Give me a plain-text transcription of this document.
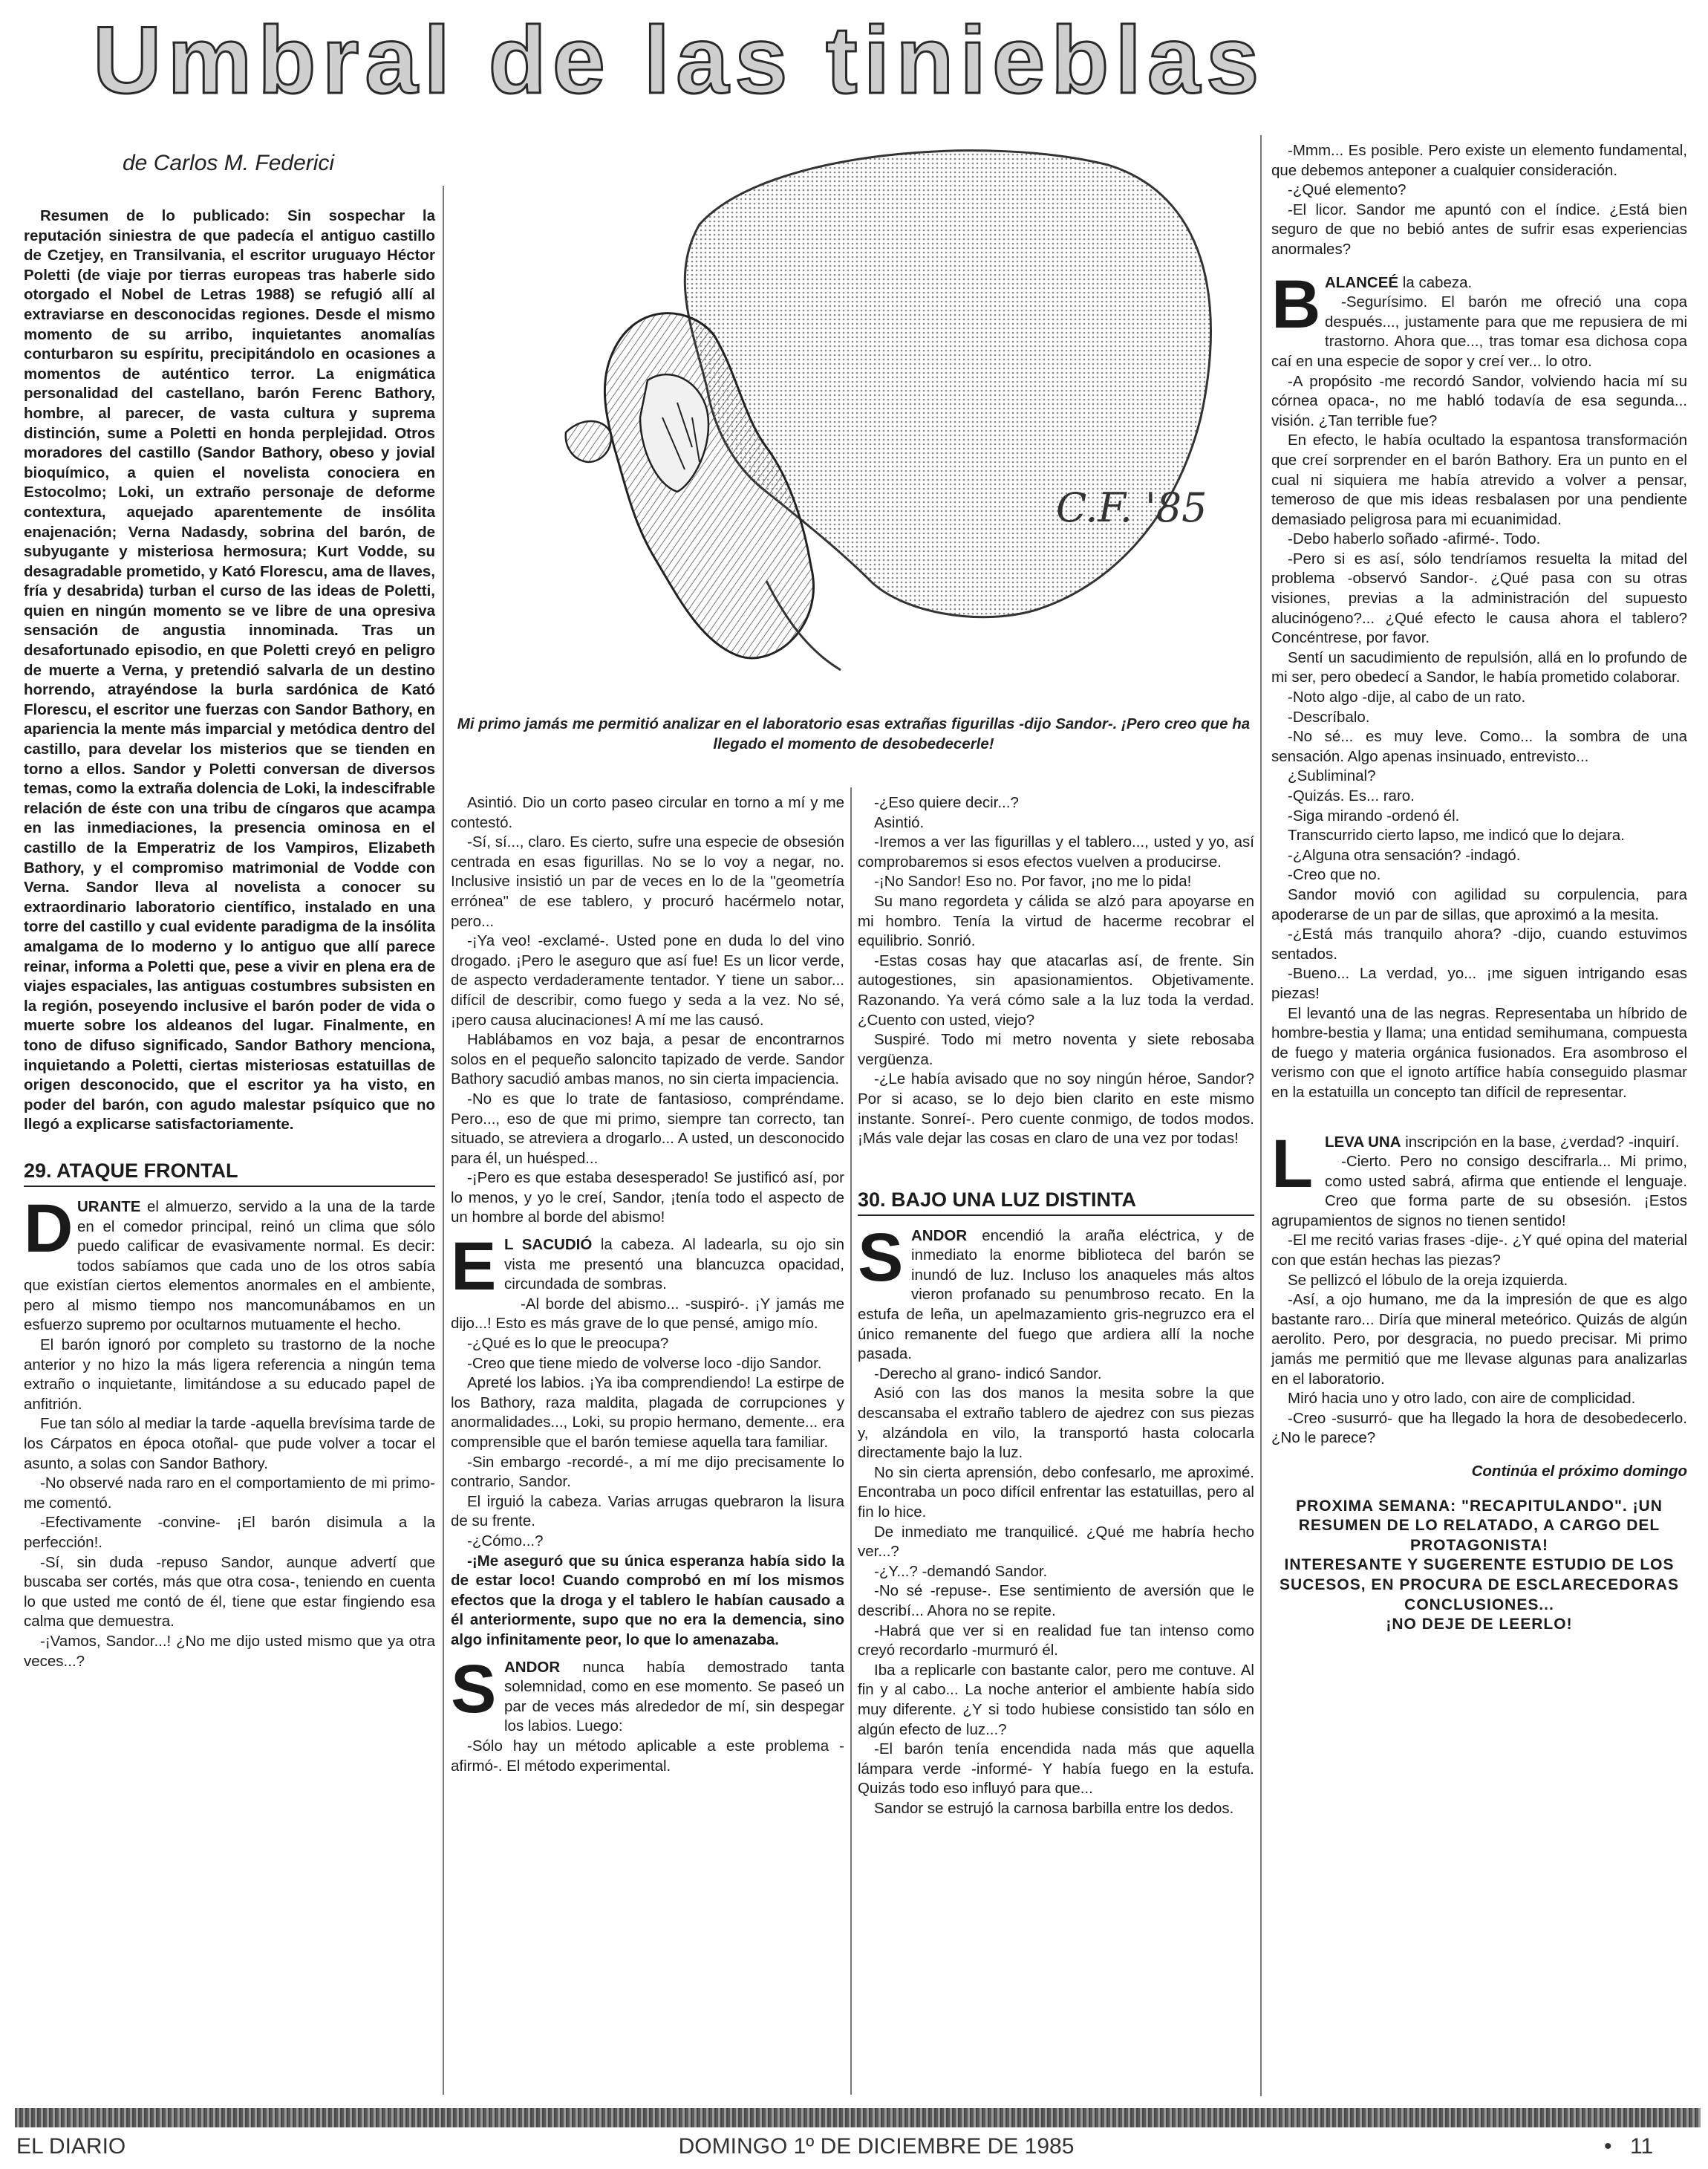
Umbral de las tinieblas
de Carlos M. Federici
C.F. '85
Mi primo jamás me permitió analizar en el laboratorio esas extrañas figurillas -dijo Sandor-. ¡Pero creo que ha llegado el momento de desobedecerle!

Resumen de lo publicado: Sin sospechar la reputación siniestra de que padecía el antiguo castillo de Czetjey, en Transilvania, el escritor uruguayo Héctor Poletti (de viaje por tierras europeas tras haberle sido otorgado el Nobel de Letras 1988) se refugió allí al extraviarse en desconocidas regiones. Desde el mismo momento de su arribo, inquietantes anomalías conturbaron su espíritu, precipitándolo en ocasiones a momentos de auténtico terror. La enigmática personalidad del castellano, barón Ferenc Bathory, hombre, al parecer, de vasta cultura y suprema distinción, sume a Poletti en honda perplejidad. Otros moradores del castillo (Sandor Bathory, obeso y jovial bioquímico, a quien el novelista conociera en Estocolmo; Loki, un extraño personaje de deforme contextura, aquejado aparentemente de insólita enajenación; Verna Nadasdy, sobrina del barón, de subyugante y misteriosa hermosura; Kurt Vodde, su desagradable prometido, y Kató Florescu, ama de llaves, fría y desabrida) turban el curso de las ideas de Poletti, quien en ningún momento se ve libre de una opresiva sensación de angustia innominada. Tras un desafortunado episodio, en que Poletti creyó en peligro de muerte a Verna, y pretendió salvarla de un destino horrendo, atrayéndose la burla sardónica de Kató Florescu, el escritor une fuerzas con Sandor Bathory, en apariencia la mente más imparcial y metódica dentro del castillo, para develar los misterios que se tienden en torno a ellos. Sandor y Poletti conversan de diversos temas, como la extraña dolencia de Loki, la indescifrable relación de éste con una tribu de cíngaros que acampa en las inmediaciones, la presencia ominosa en el castillo de la Emperatriz de los Vampiros, Elizabeth Bathory, y el compromiso matrimonial de Vodde con Verna. Sandor lleva al novelista a conocer su extraordinario laboratorio científico, instalado en una torre del castillo y cual evidente paradigma de la insólita amalgama de lo moderno y lo antiguo que allí parece reinar, informa a Poletti que, pese a vivir en plena era de viajes espaciales, las antiguas costumbres subsisten en la región, poseyendo inclusive el barón poder de vida o muerte sobre los aldeanos del lugar. Finalmente, en tono de difuso significado, Sandor Bathory menciona, inquietando a Poletti, ciertas misteriosas estatuillas de origen desconocido, que el escritor ya ha visto, en poder del barón, con agudo malestar psíquico que no llegó a explicarse satisfactoriamente.

29. ATAQUE FRONTAL

DURANTE el almuerzo, servido a la una de la tarde en el comedor principal, reinó un clima que sólo puedo calificar de evasivamente normal. Es decir: todos sabíamos que cada uno de los otros sabía que existían ciertos elementos anormales en el ambiente, pero al mismo tiempo nos mancomunábamos en un esfuerzo supremo por ocultarnos mutuamente el hecho.

El barón ignoró por completo su trastorno de la noche anterior y no hizo la más ligera referencia a ningún tema extraño o inquietante, limitándose a su educado papel de anfitrión.

Fue tan sólo al mediar la tarde -aquella brevísima tarde de los Cárpatos en época otoñal- que pude volver a tocar el asunto, a solas con Sandor Bathory.

-No observé nada raro en el comportamiento de mi primo- me comentó.

-Efectivamente -convine- ¡El barón disimula a la perfección!.

-Sí, sin duda -repuso Sandor, aunque advertí que buscaba ser cortés, más que otra cosa-, teniendo en cuenta lo que usted me contó de él, tiene que estar fingiendo esa calma que demuestra.

-¡Vamos, Sandor...! ¿No me dijo usted mismo que ya otra veces...?

Asintió. Dio un corto paseo circular en torno a mí y me contestó.

-Sí, sí..., claro. Es cierto, sufre una especie de obsesión centrada en esas figurillas. No se lo voy a negar, no. Inclusive insistió un par de veces en lo de la "geometría errónea" de ese tablero, y procuró hacérmelo notar, pero...

-¡Ya veo! -exclamé-. Usted pone en duda lo del vino drogado. ¡Pero le aseguro que así fue! Es un licor verde, de aspecto verdaderamente tentador. Y tiene un sabor... difícil de describir, como fuego y seda a la vez. No sé, ¡pero causa alucinaciones! A mí me las causó.

Hablábamos en voz baja, a pesar de encontrarnos solos en el pequeño saloncito tapizado de verde. Sandor Bathory sacudió ambas manos, no sin cierta impaciencia.

-No es que lo trate de fantasioso, compréndame. Pero..., eso de que mi primo, siempre tan correcto, tan situado, se atreviera a drogarlo... A usted, un desconocido para él, un huésped...

-¡Pero es que estaba desesperado! Se justificó así, por lo menos, y yo le creí, Sandor, ¡tenía todo el aspecto de un hombre al borde del abismo!

E L SACUDIÓ la cabeza. Al ladearla, su ojo sin vista me presentó una blancuzca opacidad, circundada de sombras.

-Al borde del abismo... -suspiró-. ¡Y jamás me dijo...! Esto es más grave de lo que pensé, amigo mío.

-¿Qué es lo que le preocupa?

-Creo que tiene miedo de volverse loco -dijo Sandor.

Apreté los labios. ¡Ya iba comprendiendo! La estirpe de los Bathory, raza maldita, plagada de corrupciones y anormalidades..., Loki, su propio hermano, demente... era comprensible que el barón temiese aquella tara familiar.

-Sin embargo -recordé-, a mí me dijo precisamente lo contrario, Sandor.

El irguió la cabeza. Varias arrugas quebraron la lisura de su frente.

-¿Cómo...?

-¡Me aseguró que su única esperanza había sido la de estar loco! Cuando comprobó en mí los mismos efectos que la droga y el tablero le habían causado a él anteriormente, supo que no era la demencia, sino algo infinitamente peor, lo que lo amenazaba.

SANDOR nunca había demostrado tanta solemnidad, como en ese momento. Se paseó un par de veces más alrededor de mí, sin despegar los labios. Luego:

-Sólo hay un método aplicable a este problema -afirmó-. El método experimental.

-¿Eso quiere decir...?

Asintió.

-Iremos a ver las figurillas y el tablero..., usted y yo, así comprobaremos si esos efectos vuelven a producirse.

-¡No Sandor! Eso no. Por favor, ¡no me lo pida!

Su mano regordeta y cálida se alzó para apoyarse en mi hombro. Tenía la virtud de hacerme recobrar el equilibrio. Sonrió.

-Estas cosas hay que atacarlas así, de frente. Sin autogestiones, sin apasionamientos. Objetivamente. Razonando. Ya verá cómo sale a la luz toda la verdad. ¿Cuento con usted, viejo?

Suspiré. Todo mi metro noventa y siete rebosaba vergüenza.

-¿Le había avisado que no soy ningún héroe, Sandor? Por si acaso, se lo dejo bien clarito en este mismo instante. Sonreí-. Pero cuente conmigo, de todos modos. ¡Más vale dejar las cosas en claro de una vez por todas!

30. BAJO UNA LUZ DISTINTA

SANDOR encendió la araña eléctrica, y de inmediato la enorme biblioteca del barón se inundó de luz. Incluso los anaqueles más altos vieron profanado su penumbroso recato. En la estufa de leña, un apelmazamiento gris-negruzco era el único remanente del fuego que ardiera allí la noche pasada.

-Derecho al grano- indicó Sandor.

Asió con las dos manos la mesita sobre la que descansaba el extraño tablero de ajedrez con sus piezas y, alzándola en vilo, la transportó hasta colocarla directamente bajo la luz.

No sin cierta aprensión, debo confesarlo, me aproximé. Encontraba un poco difícil enfrentar las estatuillas, pero al fin lo hice.

De inmediato me tranquilicé. ¿Qué me habría hecho ver...?

-¿Y...? -demandó Sandor.

-No sé -repuse-. Ese sentimiento de aversión que le describí... Ahora no se repite.

-Habrá que ver si en realidad fue tan intenso como creyó recordarlo -murmuró él.

Iba a replicarle con bastante calor, pero me contuve. Al fin y al cabo... La noche anterior el ambiente había sido muy diferente. ¿Y si todo hubiese consistido tan sólo en algún efecto de luz...?

-El barón tenía encendida nada más que aquella lámpara verde -informé- Y había fuego en la estufa. Quizás todo eso influyó para que...

Sandor se estrujó la carnosa barbilla entre los dedos.

-Mmm... Es posible. Pero existe un elemento fundamental, que debemos anteponer a cualquier consideración.

-¿Qué elemento?

-El licor. Sandor me apuntó con el índice. ¿Está bien seguro de que no bebió antes de sufrir esas experiencias anormales?

BALANCEÉ la cabeza.

-Segurísimo. El barón me ofreció una copa después..., justamente para que me repusiera de mi trastorno. Ahora que..., tras tomar esa dichosa copa caí en una especie de sopor y creí ver... lo otro.

-A propósito -me recordó Sandor, volviendo hacia mí su córnea opaca-, no me habló todavía de esa segunda... visión. ¿Tan terrible fue?

En efecto, le había ocultado la espantosa transformación que creí sorprender en el barón Bathory. Era un punto en el cual ni siquiera me había atrevido a volver a pensar, temeroso de que mis ideas resbalasen por una pendiente demasiado peligrosa para mi ecuanimidad.

-Debo haberlo soñado -afirmé-. Todo.

-Pero si es así, sólo tendríamos resuelta la mitad del problema -observó Sandor-. ¿Qué pasa con su otras visiones, previas a la administración del supuesto alucinógeno?... ¿Qué efecto le causa ahora el tablero? Concéntrese, por favor.

Sentí un sacudimiento de repulsión, allá en lo profundo de mi ser, pero obedecí a Sandor, le había prometido colaborar.

-Noto algo -dije, al cabo de un rato.

-Descríbalo.

-No sé... es muy leve. Como... la sombra de una sensación. Algo apenas insinuado, entrevisto...

¿Subliminal?

-Quizás. Es... raro.

-Siga mirando -ordenó él.

Transcurrido cierto lapso, me indicó que lo dejara.

-¿Alguna otra sensación? -indagó.

-Creo que no.

Sandor movió con agilidad su corpulencia, para apoderarse de un par de sillas, que aproximó a la mesita.

-¿Está más tranquilo ahora? -dijo, cuando estuvimos sentados.

-Bueno... La verdad, yo... ¡me siguen intrigando esas piezas!

El levantó una de las negras. Representaba un híbrido de hombre-bestia y llama; una entidad semihumana, compuesta de fuego y materia orgánica fusionados. Era asombroso el verismo con que el ignoto artífice había conseguido plasmar en la estatuilla un concepto tan difícil de representar.

LLEVA UNA inscripción en la base, ¿verdad? -inquirí.

-Cierto. Pero no consigo descifrarla... Mi primo, como usted sabrá, afirma que entiende el lenguaje. Creo que forma parte de su obsesión. ¡Estos agrupamientos de signos no tienen sentido!

-El me recitó varias frases -dije-. ¿Y qué opina del material con que están hechas las piezas?

Se pellizcó el lóbulo de la oreja izquierda.

-Así, a ojo humano, me da la impresión de que es algo bastante raro... Diría que mineral meteórico. Quizás de algún aerolito. Pero, por desgracia, no puedo precisar. Mi primo jamás me permitió que me llevase algunas para analizarlas en el laboratorio.

Miró hacia uno y otro lado, con aire de complicidad.

-Creo -susurró- que ha llegado la hora de desobedecerlo. ¿No le parece?

Continúa el próximo domingo
PROXIMA SEMANA: "RECAPITULANDO". ¡UN RESUMEN DE LO RELATADO, A CARGO DEL PROTAGONISTA!
INTERESANTE Y SUGERENTE ESTUDIO DE LOS SUCESOS, EN PROCURA DE ESCLARECEDORAS CONCLUSIONES...
¡NO DEJE DE LEERLO!
EL DIARIO	DOMINGO 1º DE DICIEMBRE DE 1985	• 11
